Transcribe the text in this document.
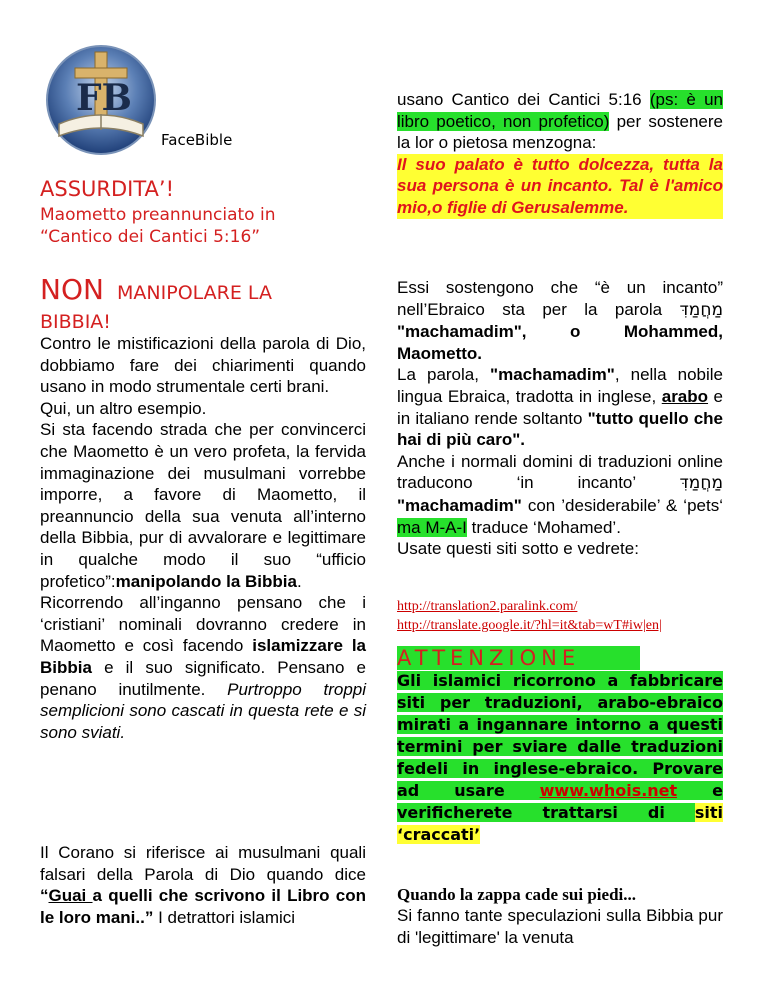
FB
FaceBible
ASSURDITA’!
Maometto preannunciato in
“Cantico dei Cantici 5:16”
NON MANIPOLARE LA
BIBBIA!
Contro le mistificazioni della parola di Dio, dobbiamo fare dei chiarimenti quando usano in modo strumentale certi brani.
Qui, un altro esempio.
Si sta facendo strada che per convincerci che Maometto è un vero profeta, la fervida immaginazione dei musulmani vorrebbe imporre, a favore di Maometto, il preannuncio della sua venuta all’interno della Bibbia, pur di avvalorare e legittimare in qualche modo il suo “ufficio profetico”:manipolando la Bibbia.
Ricorrendo all’inganno pensano che i ‘cristiani’ nominali dovranno credere in Maometto e così facendo islamizzare la Bibbia e il suo significato. Pensano e penano inutilmente. Purtroppo troppi semplicioni sono cascati in questa rete e si sono sviati.
Il Corano si riferisce ai musulmani quali falsari della Parola di Dio quando dice “Guai a quelli che scrivono il Libro con le loro mani..” I detrattori islamici
usano Cantico dei Cantici 5:16 (ps: è un libro poetico, non profetico) per sostenere la lor o pietosa menzogna:
Il suo palato è tutto dolcezza, tutta la sua persona è un incanto. Tal è l'amico mio,o figlie di Gerusalemme.
Essi sostengono che “è un incanto” nell’Ebraico sta per la parola מַחֲמַדִּ "machamadim", o Mohammed, Maometto.
La parola, "machamadim", nella nobile lingua Ebraica, tradotta in inglese, arabo e in italiano rende soltanto "tutto quello che hai di più caro".
Anche i normali domini di traduzioni online traducono ‘in incanto’ מַחֲמַדִּ "machamadim" con ’desiderabile’ & ‘pets‘ ma M-A-I traduce ‘Mohamed’.
Usate questi siti sotto e vedrete:
http://translation2.paralink.com/
http://translate.google.it/?hl=it&tab=wT#iw|en|
ATTENZIONE
Gli islamici ricorrono a fabbricare siti per traduzioni, arabo-ebraico mirati a ingannare intorno a questi termini per sviare dalle traduzioni fedeli in inglese-ebraico. Provare ad usare www.whois.net e verificherete trattarsi di siti ‘craccati’
Quando la zappa cade sui piedi...
Si fanno tante speculazioni sulla Bibbia pur di 'legittimare' la venuta
